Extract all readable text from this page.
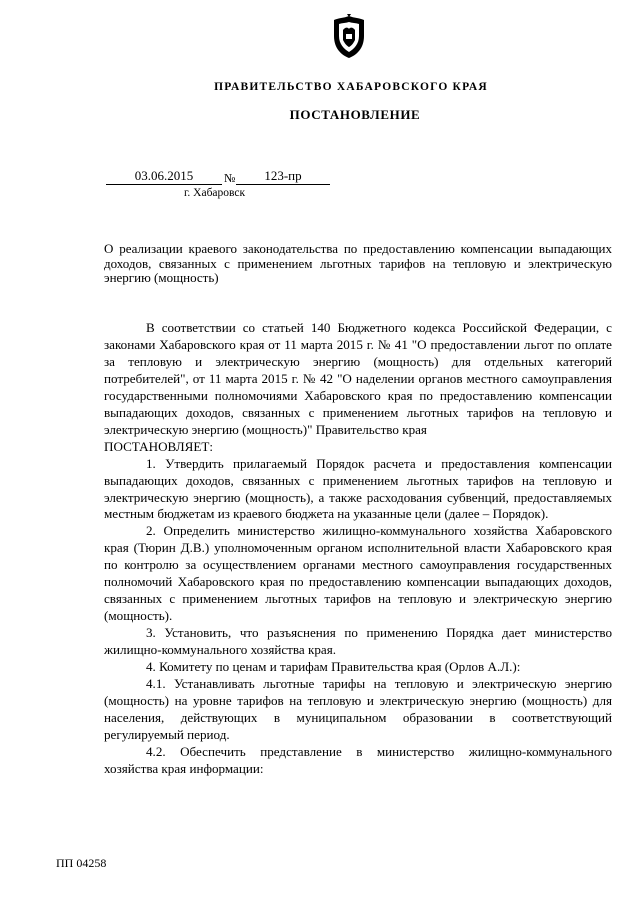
ПРАВИТЕЛЬСТВО ХАБАРОВСКОГО КРАЯ
ПОСТАНОВЛЕНИЕ
03.06.2015	№	123-пр
г. Хабаровск
О реализации краевого законодательства по предоставлению компенсации выпадающих доходов, связанных с применением льготных тарифов на тепловую и электрическую энергию (мощность)

В соответствии со статьей 140 Бюджетного кодекса Российской Федерации, с законами Хабаровского края от 11 марта 2015 г. № 41 "О предоставлении льгот по оплате за тепловую и электрическую энергию (мощность) для отдельных категорий потребителей", от 11 марта 2015 г. № 42 "О наделении органов местного самоуправления государственными полномочиями Хабаровского края по предоставлению компенсации выпадающих доходов, связанных с применением льготных тарифов на тепловую и электрическую энергию (мощность)" Правительство края

ПОСТАНОВЛЯЕТ:

1. Утвердить прилагаемый Порядок расчета и предоставления компенсации выпадающих доходов, связанных с применением льготных тарифов на тепловую и электрическую энергию (мощность), а также расходования субвенций, предоставляемых местным бюджетам из краевого бюджета на указанные цели (далее – Порядок).

2. Определить министерство жилищно-коммунального хозяйства Хабаровского края (Тюрин Д.В.) уполномоченным органом исполнительной власти Хабаровского края по контролю за осуществлением органами местного самоуправления государственных полномочий Хабаровского края по предоставлению компенсации выпадающих доходов, связанных с применением льготных тарифов на тепловую и электрическую энергию (мощность).

3. Установить, что разъяснения по применению Порядка дает министерство жилищно-коммунального хозяйства края.

4. Комитету по ценам и тарифам Правительства края (Орлов А.Л.):

4.1. Устанавливать льготные тарифы на тепловую и электрическую энергию (мощность) на уровне тарифов на тепловую и электрическую энергию (мощность) для населения, действующих в муниципальном образовании в соответствующий регулируемый период.

4.2. Обеспечить представление в министерство жилищно-коммунального хозяйства края информации:

ПП 04258
